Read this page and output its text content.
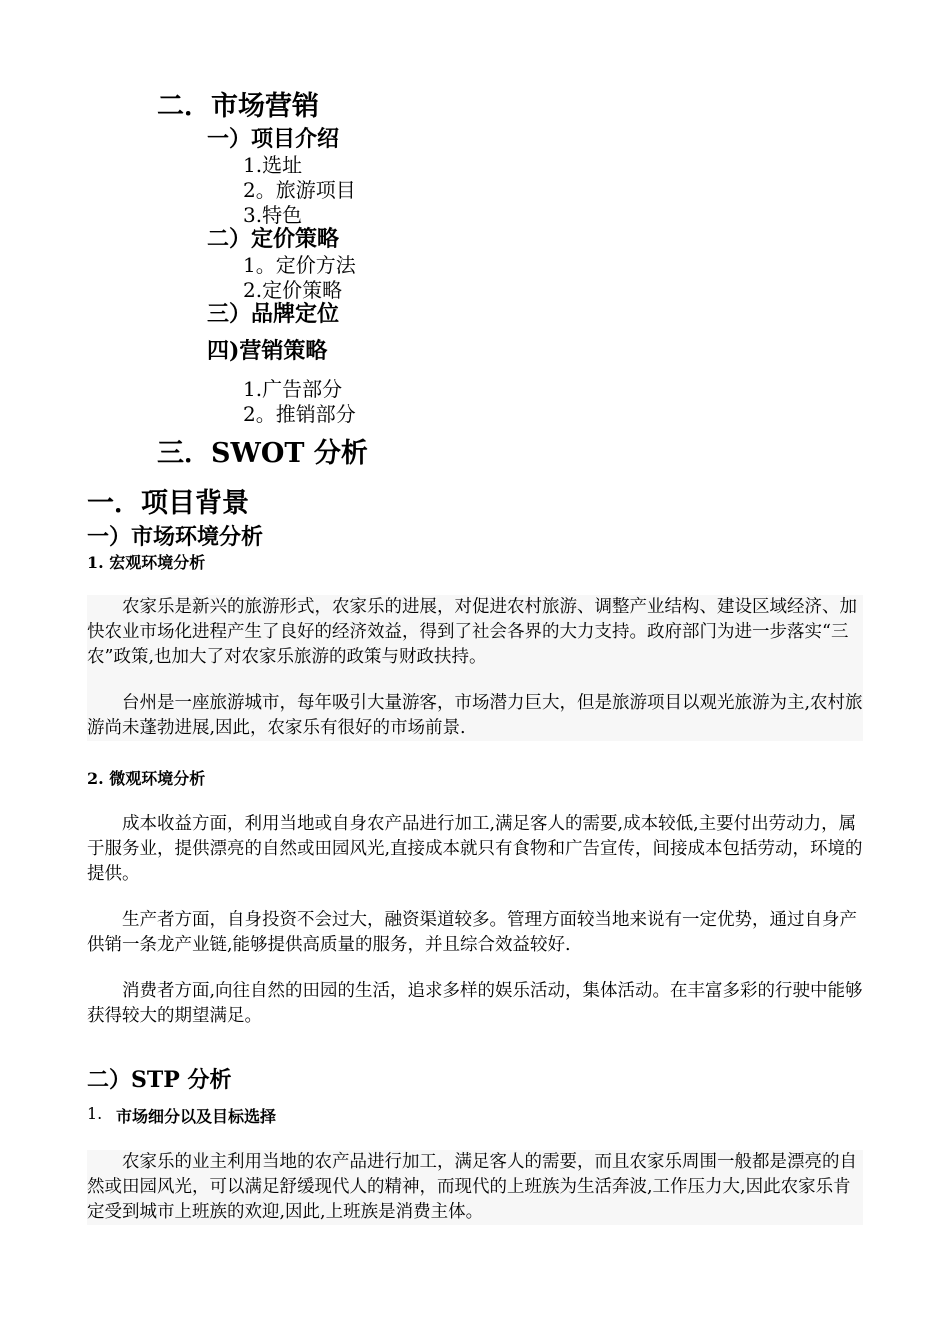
二．市场营销
一）项目介绍
1.选址
2。旅游项目
3.特色
二）定价策略
1。定价方法
2.定价策略
三）品牌定位
四)营销策略
1.广告部分
2。推销部分
三．SWOT 分析
一．项目背景
一）市场环境分析
1. 宏观环境分析

农家乐是新兴的旅游形式，农家乐的进展，对促进农村旅游、调整产业结构、建设区域经济、加快农业市场化进程产生了良好的经济效益，得到了社会各界的大力支持。政府部门为进一步落实“三农”政策,也加大了对农家乐旅游的政策与财政扶持。

台州是一座旅游城市，每年吸引大量游客，市场潜力巨大，但是旅游项目以观光旅游为主,农村旅游尚未蓬勃进展,因此，农家乐有很好的市场前景.

2. 微观环境分析

成本收益方面，利用当地或自身农产品进行加工,满足客人的需要,成本较低,主要付出劳动力，属于服务业，提供漂亮的自然或田园风光,直接成本就只有食物和广告宣传，间接成本包括劳动，环境的提供。

生产者方面，自身投资不会过大，融资渠道较多。管理方面较当地来说有一定优势，通过自身产供销一条龙产业链,能够提供高质量的服务，并且综合效益较好.

消费者方面,向往自然的田园的生活，追求多样的娱乐活动，集体活动。在丰富多彩的行驶中能够获得较大的期望满足。

二）STP 分析
1. 市场细分以及目标选择

农家乐的业主利用当地的农产品进行加工，满足客人的需要，而且农家乐周围一般都是漂亮的自然或田园风光，可以满足舒缓现代人的精神，而现代的上班族为生活奔波,工作压力大,因此农家乐肯定受到城市上班族的欢迎,因此,上班族是消费主体。
